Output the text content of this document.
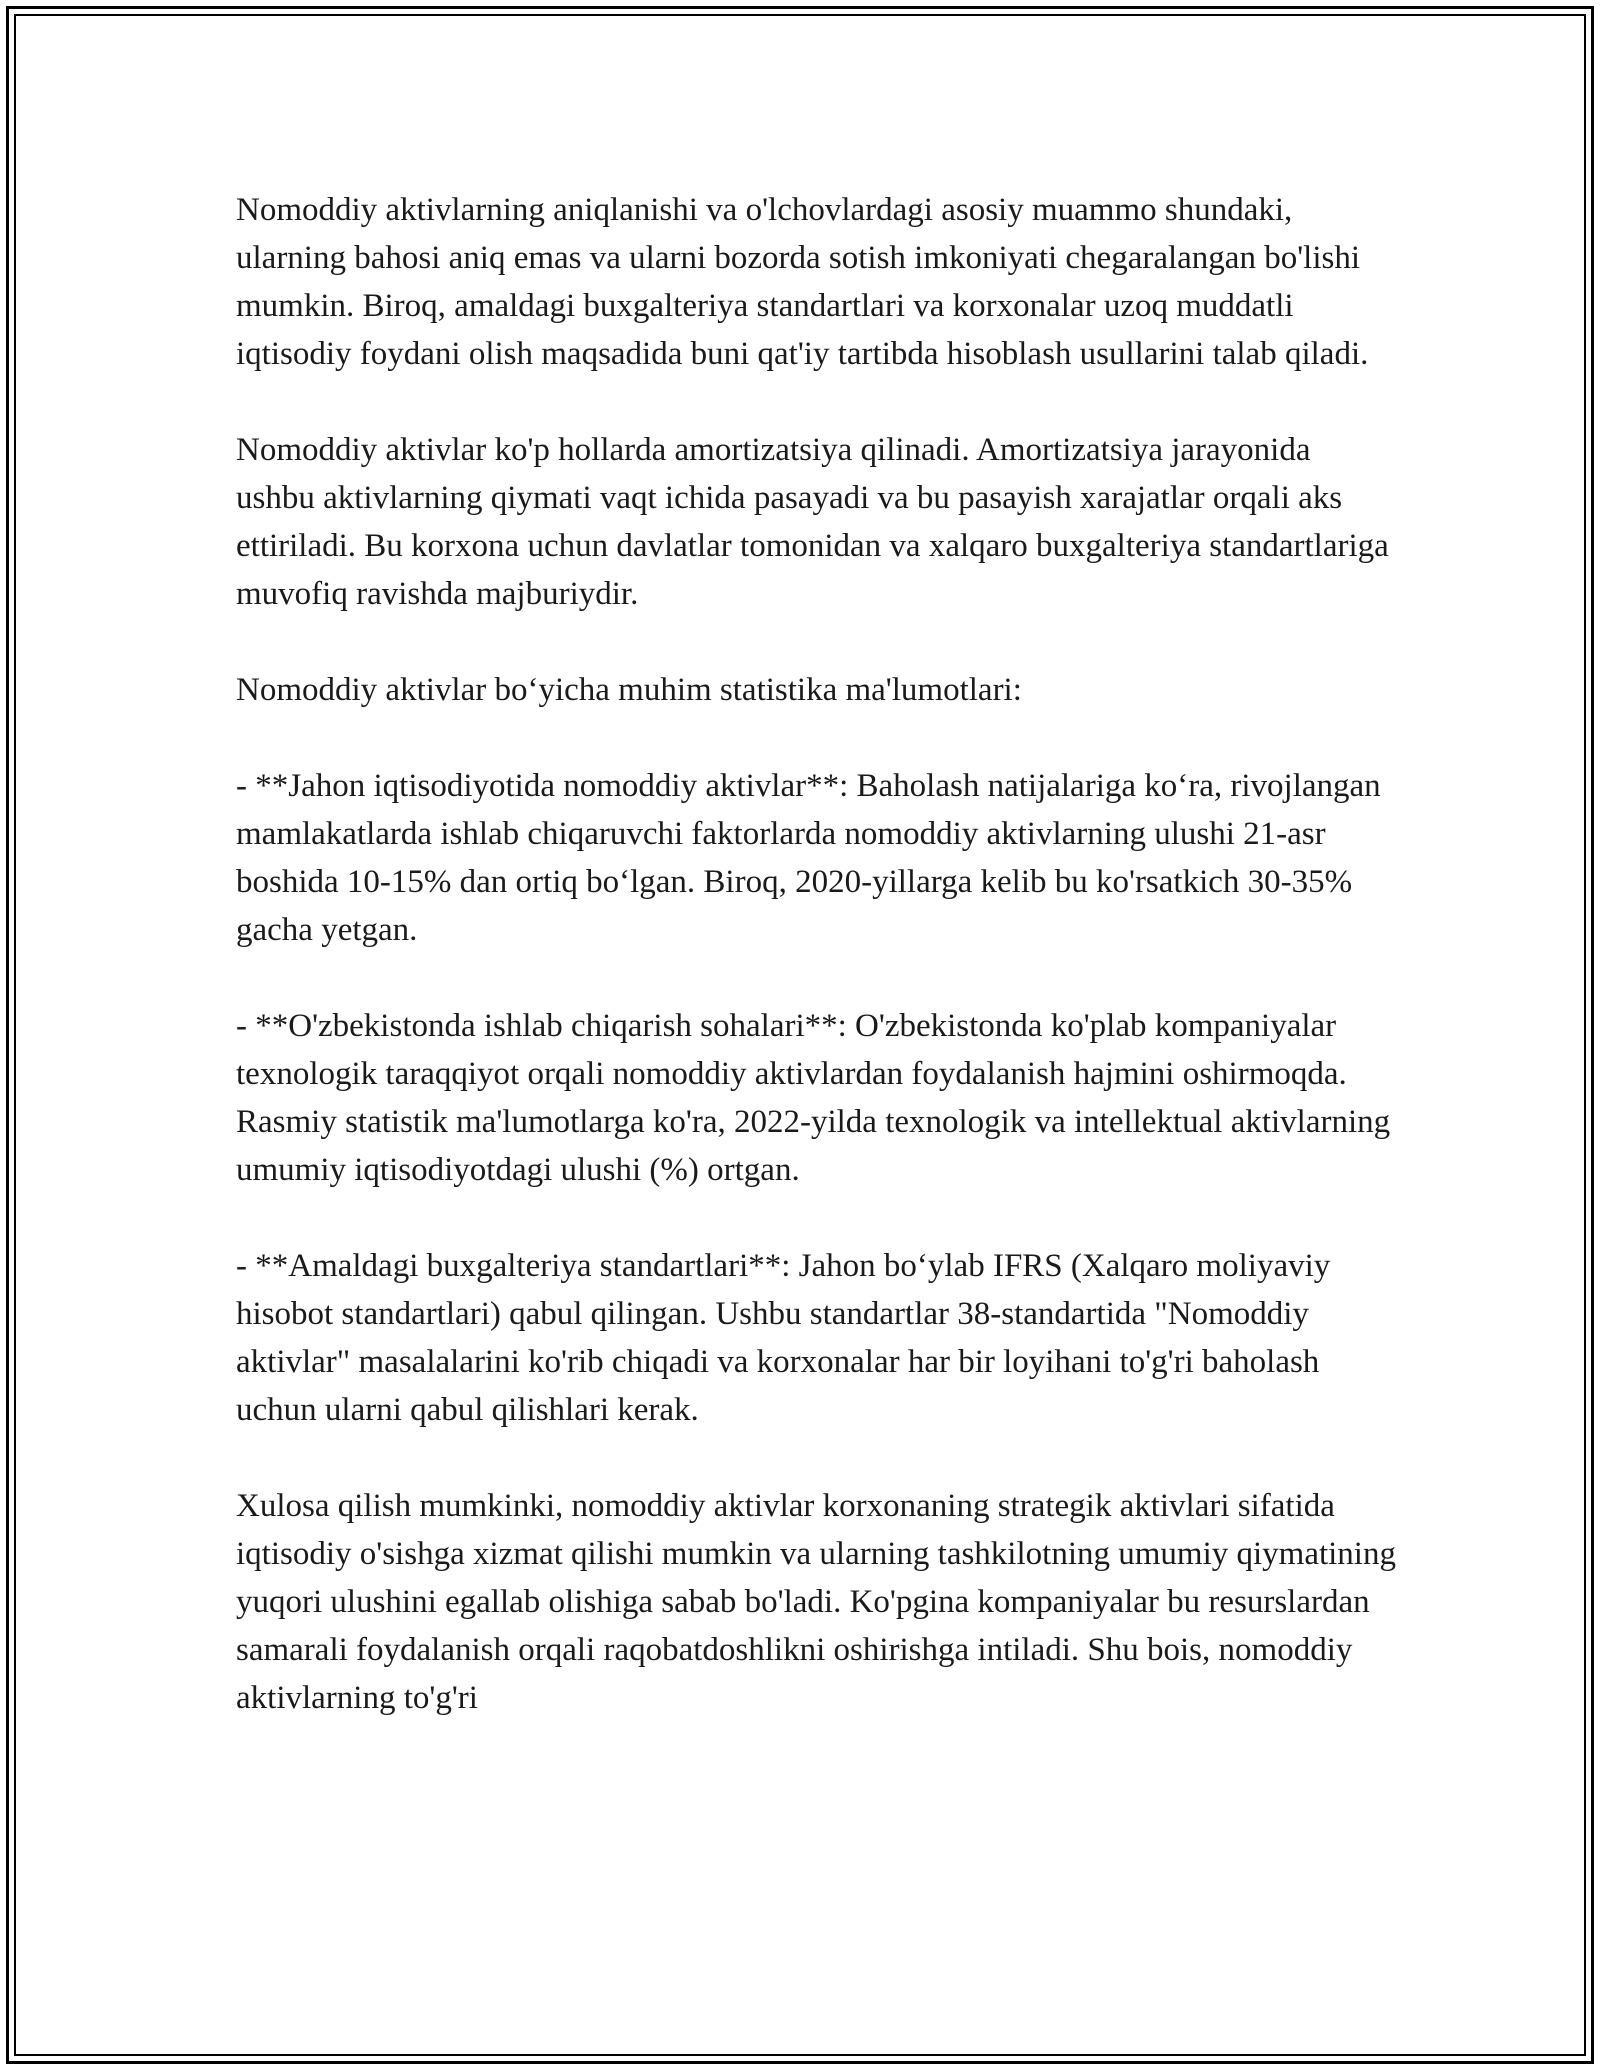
Nomoddiy aktivlarning aniqlanishi va o'lchovlardagi asosiy muammo shundaki, ularning bahosi aniq emas va ularni bozorda sotish imkoniyati chegaralangan bo'lishi mumkin. Biroq, amaldagi buxgalteriya standartlari va korxonalar uzoq muddatli iqtisodiy foydani olish maqsadida buni qat'iy tartibda hisoblash usullarini talab qiladi.

Nomoddiy aktivlar ko'p hollarda amortizatsiya qilinadi. Amortizatsiya jarayonida ushbu aktivlarning qiymati vaqt ichida pasayadi va bu pasayish xarajatlar orqali aks ettiriladi. Bu korxona uchun davlatlar tomonidan va xalqaro buxgalteriya standartlariga muvofiq ravishda majburiydir.

Nomoddiy aktivlar bo‘yicha muhim statistika ma'lumotlari:

- **Jahon iqtisodiyotida nomoddiy aktivlar**: Baholash natijalariga ko‘ra, rivojlangan mamlakatlarda ishlab chiqaruvchi faktorlarda nomoddiy aktivlarning ulushi 21-asr boshida 10-15% dan ortiq bo‘lgan. Biroq, 2020-yillarga kelib bu ko'rsatkich 30-35% gacha yetgan.

- **O'zbekistonda ishlab chiqarish sohalari**: O'zbekistonda ko'plab kompaniyalar texnologik taraqqiyot orqali nomoddiy aktivlardan foydalanish hajmini oshirmoqda. Rasmiy statistik ma'lumotlarga ko'ra, 2022-yilda texnologik va intellektual aktivlarning umumiy iqtisodiyotdagi ulushi (%) ortgan.

- **Amaldagi buxgalteriya standartlari**: Jahon bo‘ylab IFRS (Xalqaro moliyaviy hisobot standartlari) qabul qilingan. Ushbu standartlar 38-standartida "Nomoddiy aktivlar" masalalarini ko'rib chiqadi va korxonalar har bir loyihani to'g'ri baholash uchun ularni qabul qilishlari kerak.

Xulosa qilish mumkinki, nomoddiy aktivlar korxonaning strategik aktivlari sifatida iqtisodiy o'sishga xizmat qilishi mumkin va ularning tashkilotning umumiy qiymatining yuqori ulushini egallab olishiga sabab bo'ladi. Ko'pgina kompaniyalar bu resurslardan samarali foydalanish orqali raqobatdoshlikni oshirishga intiladi. Shu bois, nomoddiy aktivlarning to'g'ri
